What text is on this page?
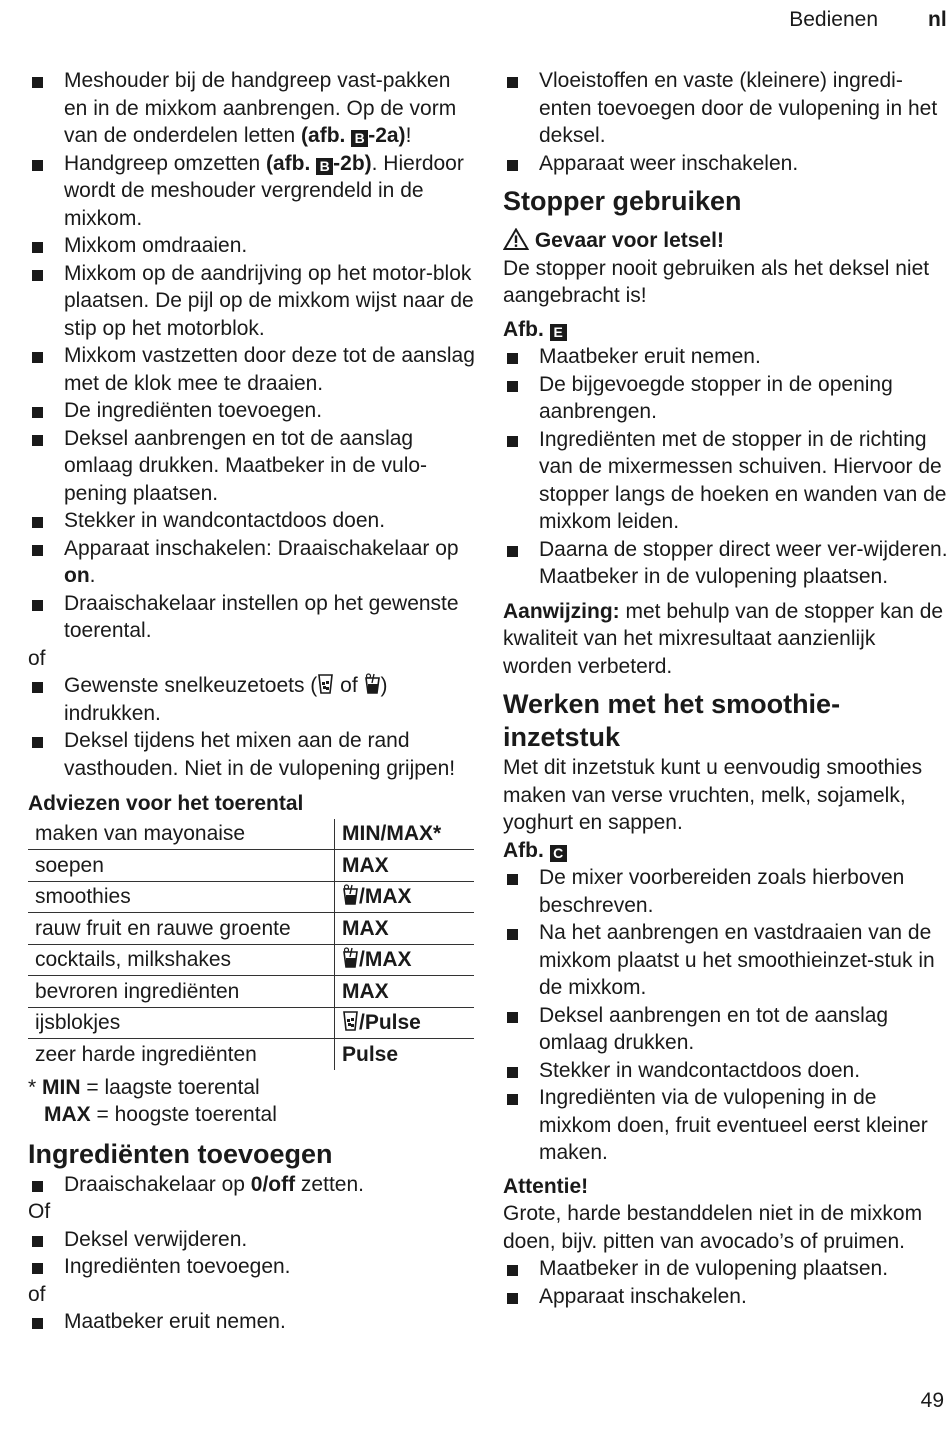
Bedienen nl
Meshouder bij de handgreep vast-pakken en in de mixkom aanbrengen. Op de vorm van de onderdelen letten (afb. B -2a)!
Handgreep omzetten (afb. B -2b). Hierdoor wordt de meshouder vergrendeld in de mixkom.
Mixkom omdraaien.
Mixkom op de aandrijving op het motor-blok plaatsen. De pijl op de mixkom wijst naar de stip op het motorblok.
Mixkom vastzetten door deze tot de aanslag met de klok mee te draaien.
De ingrediënten toevoegen.
Deksel aanbrengen en tot de aanslag omlaag drukken. Maatbeker in de vulo-pening plaatsen.
Stekker in wandcontactdoos doen.
Apparaat inschakelen: Draaischakelaar op on.
Draaischakelaar instellen op het gewenste toerental.
of
Gewenste snelkeuzetoets (
of
) indrukken.
Deksel tijdens het mixen aan de rand vasthouden. Niet in de vulopening grijpen!
Adviezen voor het toerental
maken van mayonaise	MIN/MAX*
soepen	MAX
smoothies	/MAX
rauw fruit en rauwe groente	MAX
cocktails, milkshakes	/MAX
bevroren ingrediënten	MAX
ijsblokjes	/Pulse
zeer harde ingrediënten	Pulse
* MIN = laagste toerental
MAX = hoogste toerental
Ingrediënten toevoegen
Draaischakelaar op 0/off zetten.
Of
Deksel verwijderen.
Ingrediënten toevoegen.
of
Maatbeker eruit nemen.
Vloeistoffen en vaste (kleinere) ingredi-enten toevoegen door de vulopening in het deksel.
Apparaat weer inschakelen.
Stopper gebruiken
Gevaar voor letsel!
De stopper nooit gebruiken als het deksel niet aangebracht is!
Afb. E
Maatbeker eruit nemen.
De bijgevoegde stopper in de opening aanbrengen.
Ingrediënten met de stopper in de richting van de mixermessen schuiven. Hiervoor de stopper langs de hoeken en wanden van de mixkom leiden.
Daarna de stopper direct weer ver-wijderen. Maatbeker in de vulopening plaatsen.
Aanwijzing: met behulp van de stopper kan de kwaliteit van het mixresultaat aanzienlijk worden verbeterd.
Werken met het smoothie-inzetstuk
Met dit inzetstuk kunt u eenvoudig smoothies maken van verse vruchten, melk, sojamelk, yoghurt en sappen.
Afb. C
De mixer voorbereiden zoals hierboven beschreven.
Na het aanbrengen en vastdraaien van de mixkom plaatst u het smoothieinzet-stuk in de mixkom.
Deksel aanbrengen en tot de aanslag omlaag drukken.
Stekker in wandcontactdoos doen.
Ingrediënten via de vulopening in de mixkom doen, fruit eventueel eerst kleiner maken.
Attentie!
Grote, harde bestanddelen niet in de mixkom doen, bijv. pitten van avocado’s of pruimen.
Maatbeker in de vulopening plaatsen.
Apparaat inschakelen.
49
